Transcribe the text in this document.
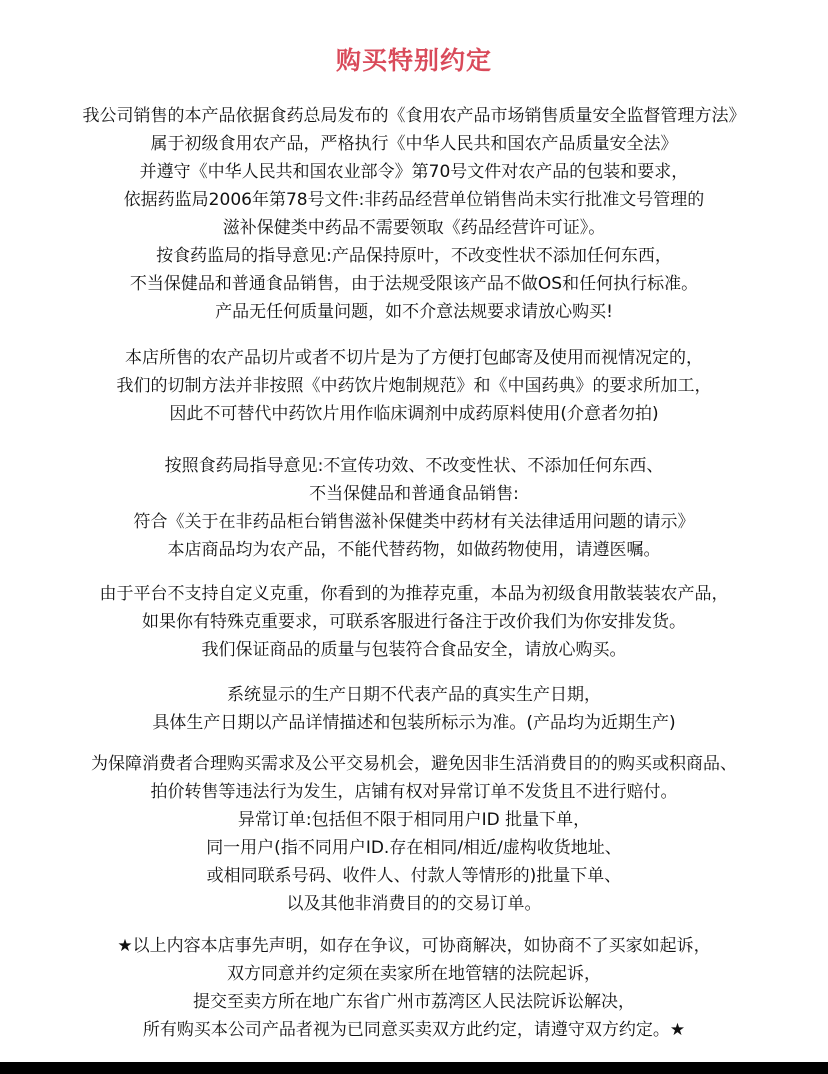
购买特别约定
我公司销售的本产品依据食药总局发布的《食用农产品市场销售质量安全监督管理方法》
属于初级食用农产品，严格执行《中华人民共和国农产品质量安全法》
并遵守《中华人民共和国农业部令》第70号文件对农产品的包装和要求，
依据药监局2006年第78号文件:非药品经营单位销售尚未实行批准文号管理的
滋补保健类中药品不需要领取《药品经营许可证》。
按食药监局的指导意见:产品保持原叶，不改变性状不添加任何东西，
不当保健品和普通食品销售，由于法规受限该产品不做OS和任何执行标准。
产品无任何质量问题，如不介意法规要求请放心购买!
本店所售的农产品切片或者不切片是为了方便打包邮寄及使用而视情况定的，
我们的切制方法并非按照《中药饮片炮制规范》和《中国药典》的要求所加工，
因此不可替代中药饮片用作临床调剂中成药原料使用(介意者勿拍)
按照食药局指导意见:不宣传功效、不改变性状、不添加任何东西、
不当保健品和普通食品销售:
符合《关于在非药品柜台销售滋补保健类中药材有关法律适用问题的请示》
本店商品均为农产品，不能代替药物，如做药物使用，请遵医嘱。
由于平台不支持自定义克重，你看到的为推荐克重，本品为初级食用散装装农产品，
如果你有特殊克重要求，可联系客服进行备注于改价我们为你安排发货。
我们保证商品的质量与包装符合食品安全，请放心购买。
系统显示的生产日期不代表产品的真实生产日期，
具体生产日期以产品详情描述和包装所标示为准。(产品均为近期生产)
为保障消费者合理购买需求及公平交易机会，避免因非生活消费目的的购买或积商品、
拍价转售等违法行为发生，店铺有权对异常订单不发货且不进行赔付。
异常订单:包括但不限于相同用户ID 批量下单，
同一用户(指不同用户ID.存在相同/相近/虚构收货地址、
或相同联系号码、收件人、付款人等情形的)批量下单、
以及其他非消费目的的交易订单。
★以上内容本店事先声明，如存在争议，可协商解决，如协商不了买家如起诉，
双方同意并约定须在卖家所在地管辖的法院起诉，
提交至卖方所在地广东省广州市荔湾区人民法院诉讼解决，
所有购买本公司产品者视为已同意买卖双方此约定，请遵守双方约定。★
